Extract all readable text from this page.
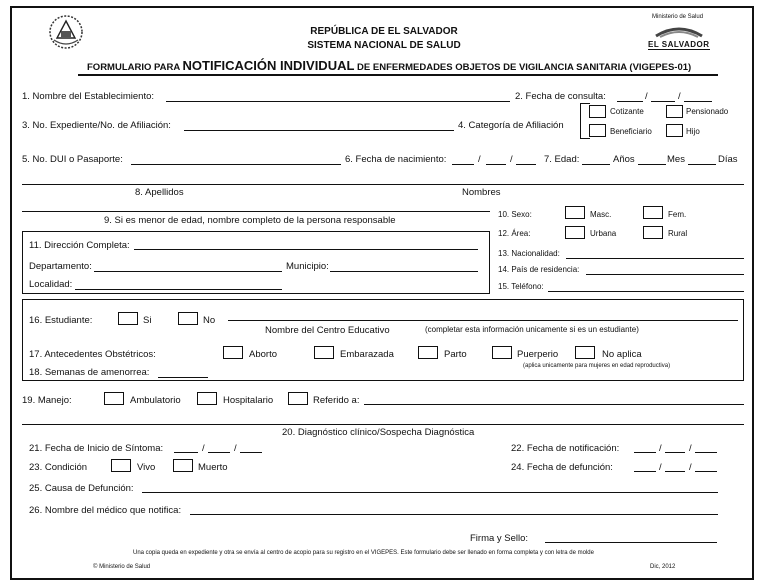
REPÚBLICA DE EL SALVADOR
SISTEMA NACIONAL DE SALUD
Ministerio de Salud
EL SALVADOR
FORMULARIO PARA NOTIFICACIÓN INDIVIDUAL DE ENFERMEDADES OBJETOS DE VIGILANCIA SANITARIA (VIGEPES-01)
1. Nombre del Establecimiento:	2. Fecha de consulta:	/	/
3. No. Expediente/No. de Afiliación:	4. Categoría de Afiliación
Cotizante	Pensionado
Beneficiario	Hijo
5. No. DUI o Pasaporte:	6. Fecha de nacimiento:	/	/	7. Edad:	Años	Mes	Días
8. Apellidos	Nombres
9. Si es menor de edad, nombre completo de la persona responsable
10. Sexo:	Masc.	Fem.
12. Área:	Urbana	Rural
11. Dirección Completa:
Departamento:	Municipio:
Localidad:
13. Nacionalidad:
14. País de residencia:
15. Teléfono:
16. Estudiante:	Si	No
Nombre del Centro Educativo	(completar esta información unicamente si es un estudiante)
17. Antecedentes Obstétricos:	Aborto	Embarazada	Parto	Puerperio	No aplica
(aplica unicamente para mujeres en edad reproductiva)
18. Semanas de amenorrea:
19. Manejo:	Ambulatorio	Hospitalario	Referido a:
20. Diagnóstico clínico/Sospecha Diagnóstica
21. Fecha de Inicio de Síntoma:	/	/	22. Fecha de notificación:	/	/
23. Condición	Vivo	Muerto	24. Fecha de defunción:	/	/
25. Causa de Defunción:
26. Nombre del médico que notifica:
Firma y Sello:
Una copia queda en expediente y otra se envía al centro de acopio para su registro en el VIGEPES. Este formulario debe ser llenado en forma completa y con letra de molde
© Ministerio de Salud	Dic, 2012
